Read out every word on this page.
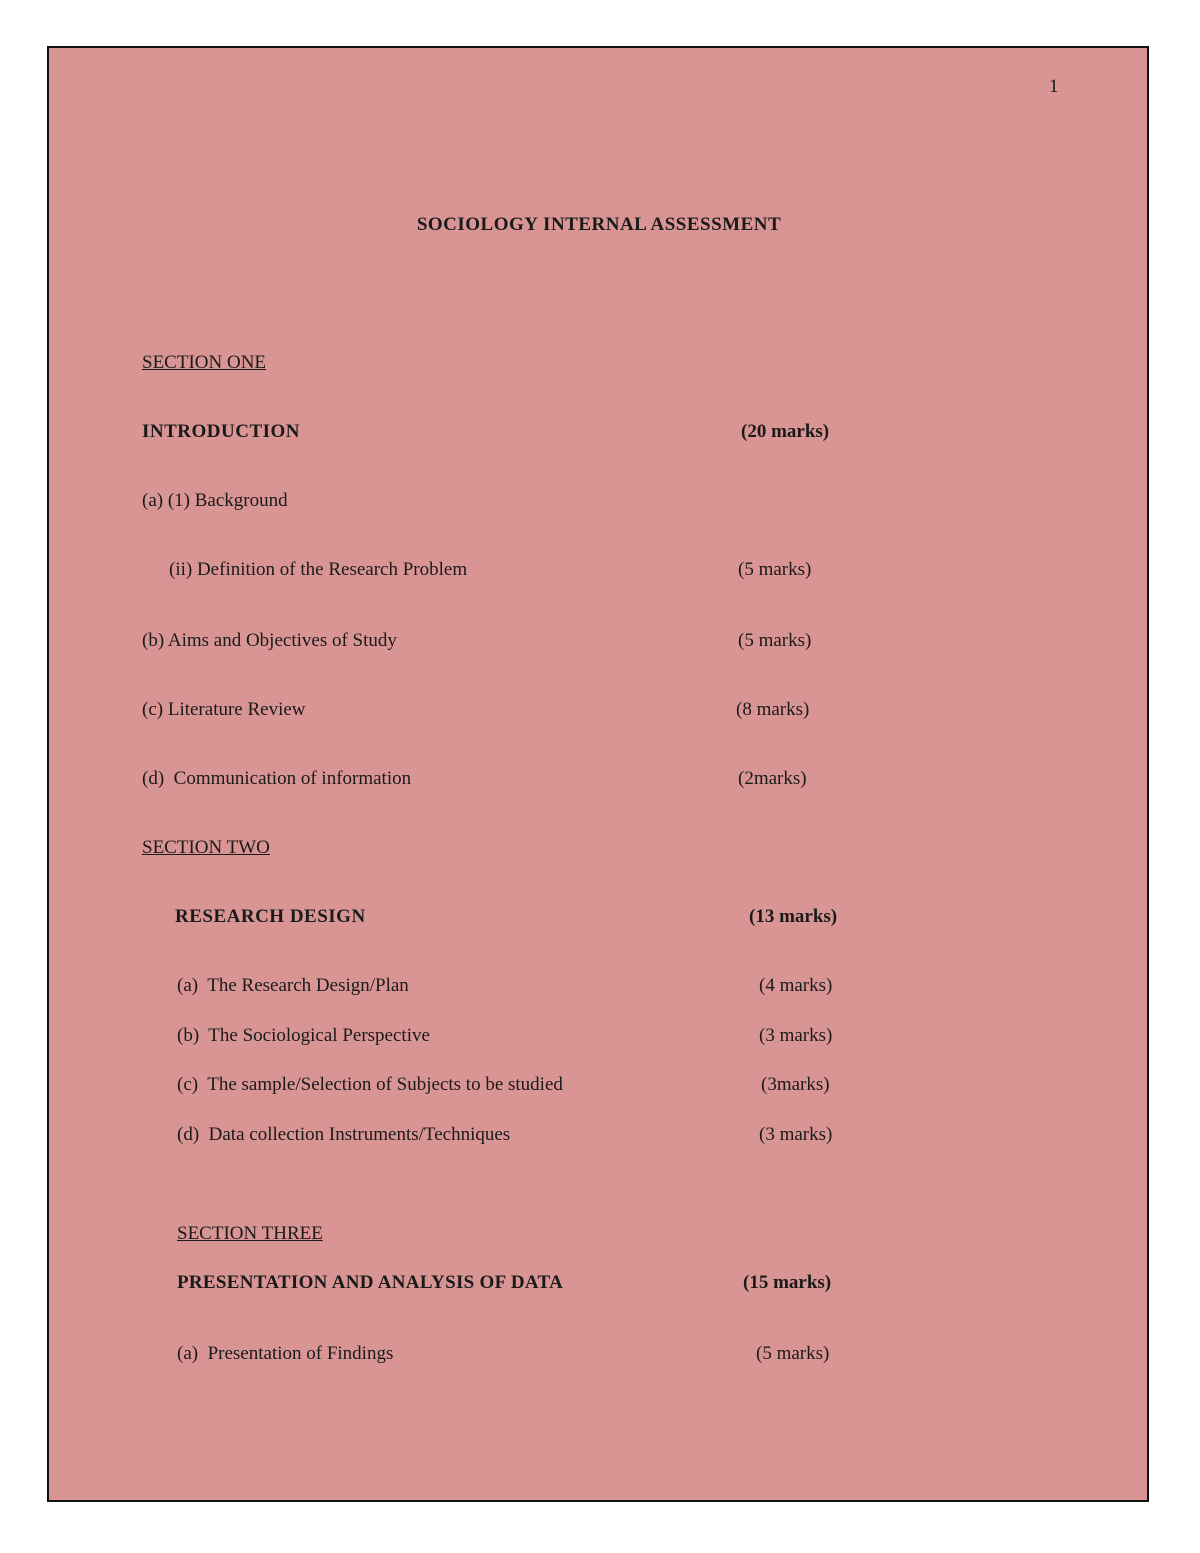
1
SOCIOLOGY INTERNAL ASSESSMENT
SECTION ONE
INTRODUCTION	(20 marks)
(a) (1) Background
(ii) Definition of the Research Problem	(5 marks)
(b) Aims and Objectives of Study	(5 marks)
(c) Literature Review	(8 marks)
(d)  Communication of information	(2marks)
SECTION TWO
RESEARCH DESIGN	(13 marks)
(a)  The Research Design/Plan	(4 marks)
(b)  The Sociological Perspective	(3 marks)
(c)  The sample/Selection of Subjects to be studied	(3marks)
(d)  Data collection Instruments/Techniques	(3 marks)
SECTION THREE
PRESENTATION AND ANALYSIS OF DATA	(15 marks)
(a)  Presentation of Findings	(5 marks)
